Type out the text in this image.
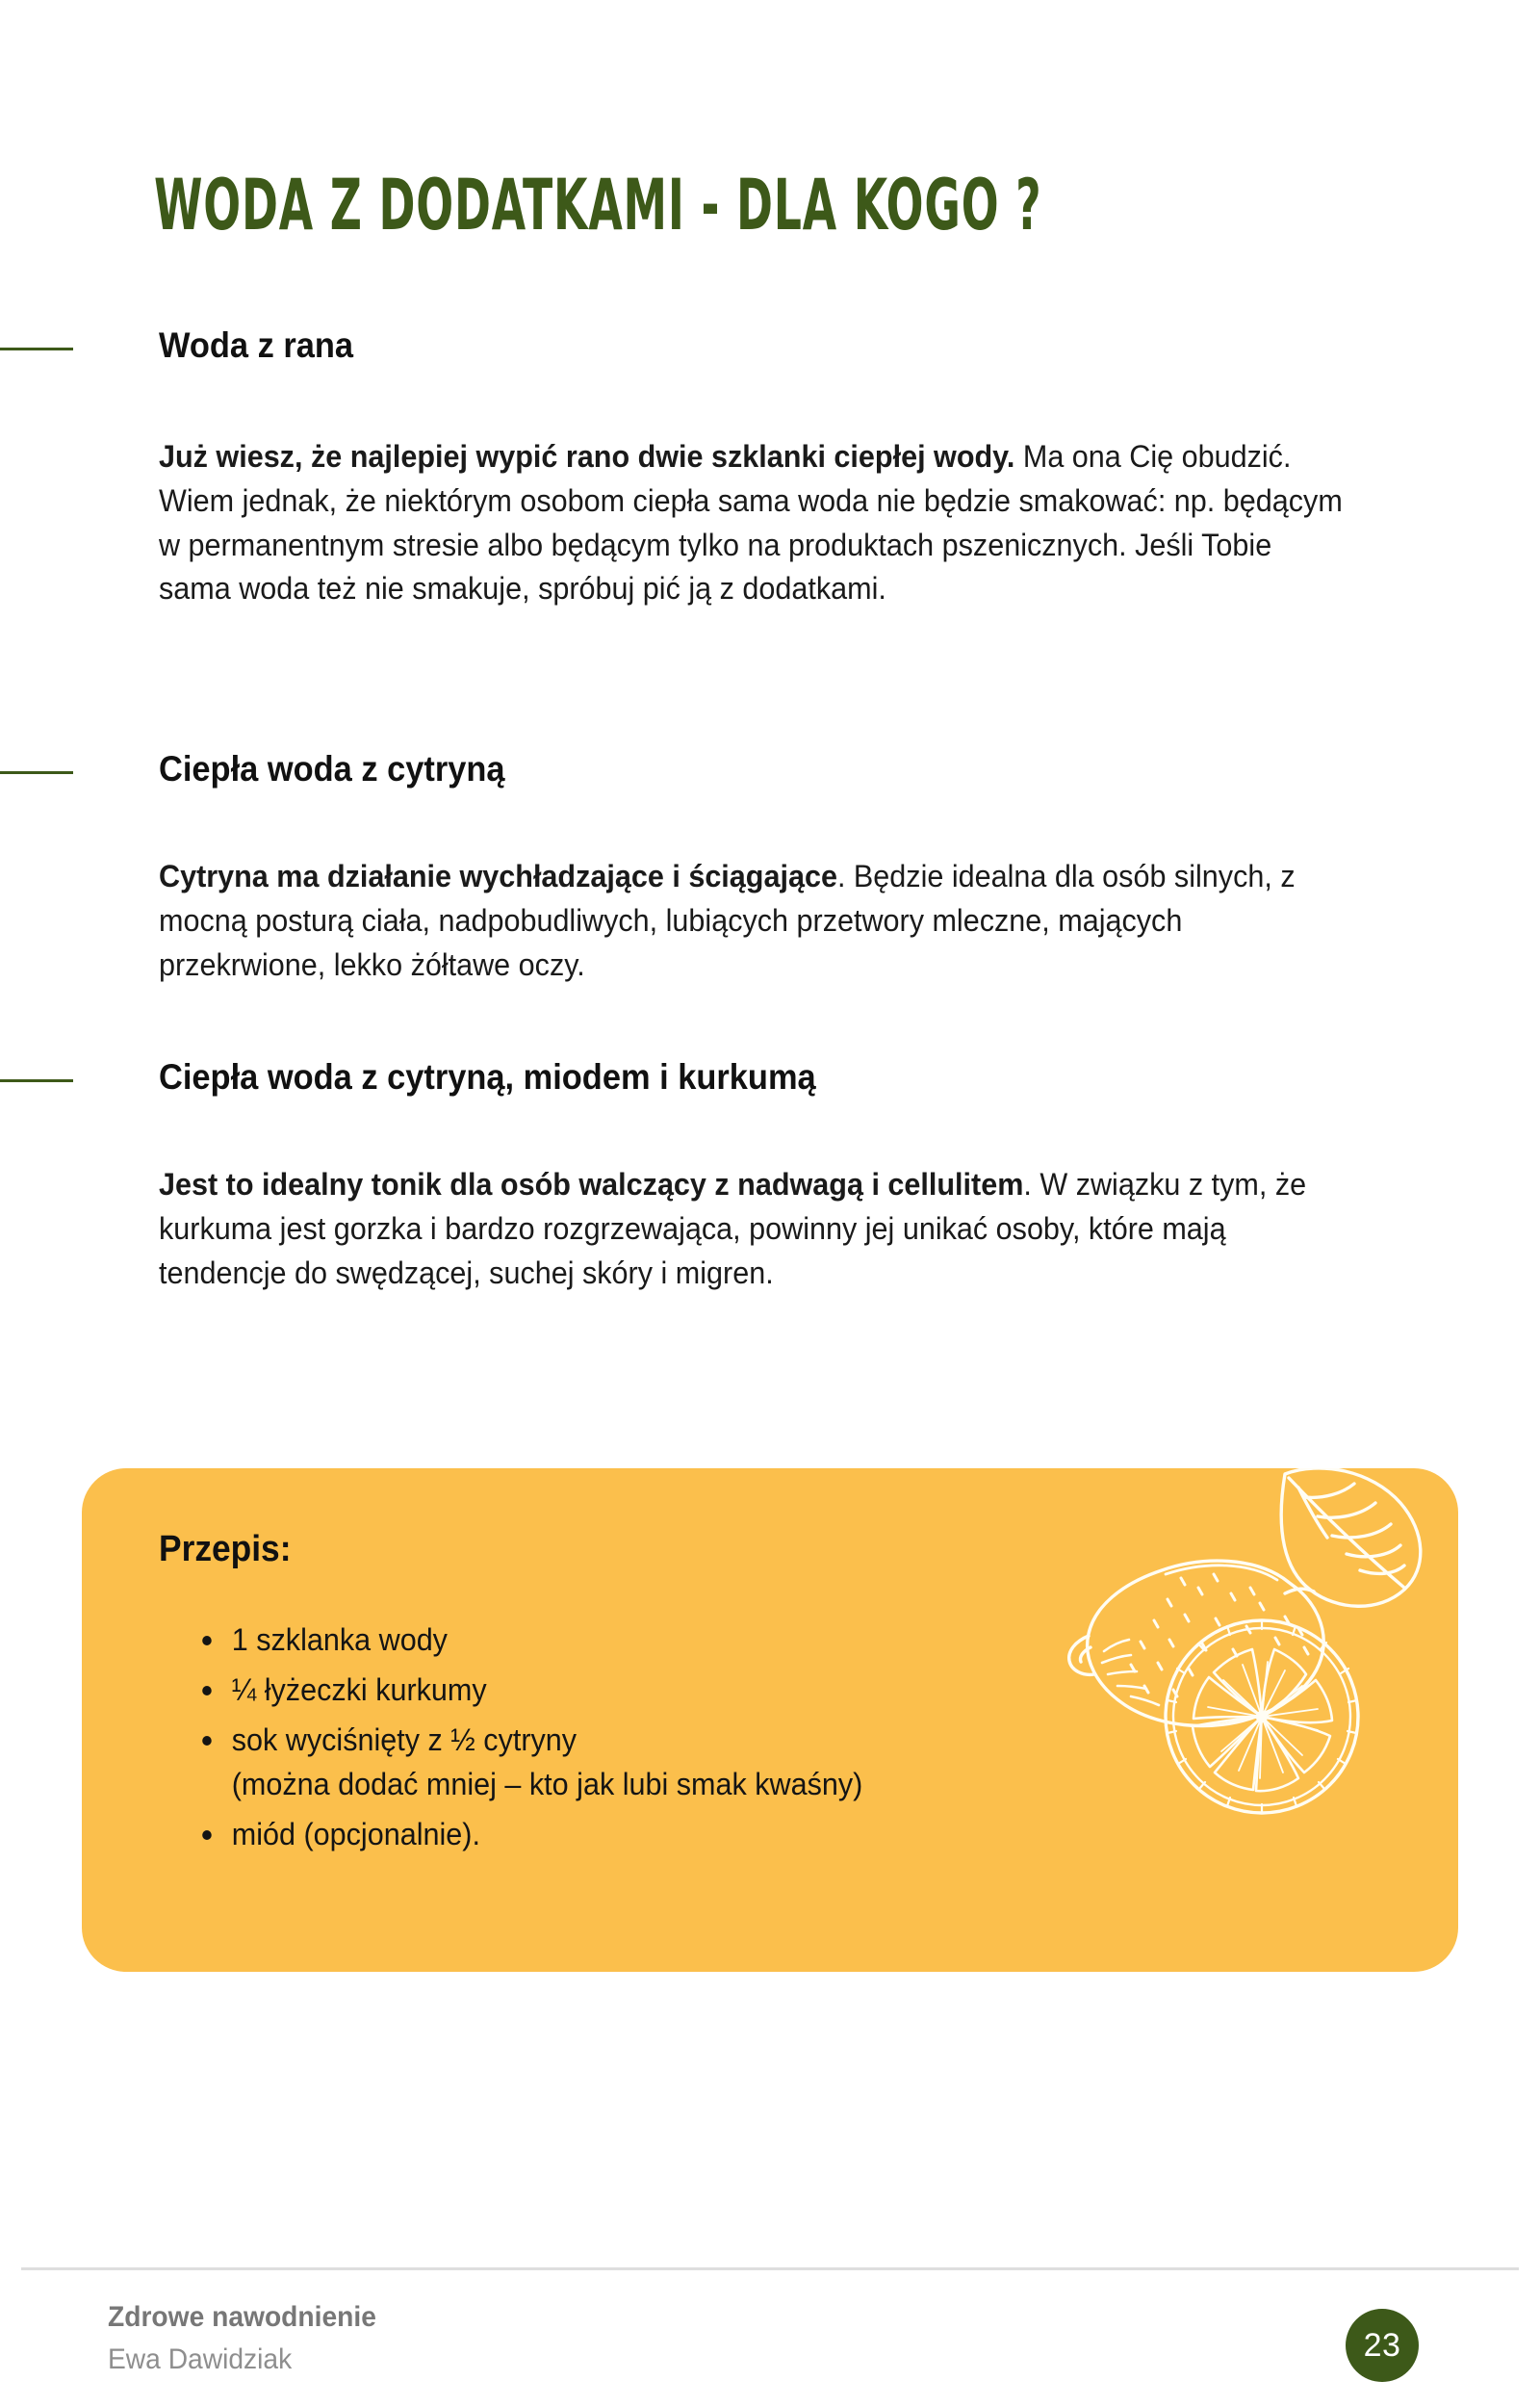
WODA Z DODATKAMI - DLA KOGO ?
Woda z rana

Już wiesz, że najlepiej wypić rano dwie szklanki ciepłej wody. Ma ona Cię obudzić. Wiem jednak, że niektórym osobom ciepła sama woda nie będzie smakować: np. będącym w permanentnym stresie albo będącym tylko na produktach pszenicznych. Jeśli Tobie sama woda też nie smakuje, spróbuj pić ją z dodatkami.

Ciepła woda z cytryną

Cytryna ma działanie wychładzające i ściągające. Będzie idealna dla osób silnych, z mocną posturą ciała, nadpobudliwych, lubiących przetwory mleczne, mających przekrwione, lekko żółtawe oczy.

Ciepła woda z cytryną, miodem i kurkumą

Jest to idealny tonik dla osób walczący z nadwagą i cellulitem. W związku z tym, że kurkuma jest gorzka i bardzo rozgrzewająca, powinny jej unikać osoby, które mają tendencje do swędzącej, suchej skóry i migren.

Przepis:
1 szklanka wody
¼ łyżeczki kurkumy
sok wyciśnięty z ½ cytryny
(można dodać mniej – kto jak lubi smak kwaśny)
miód (opcjonalnie).

Zdrowe nawodnienie

Ewa Dawidziak	23
